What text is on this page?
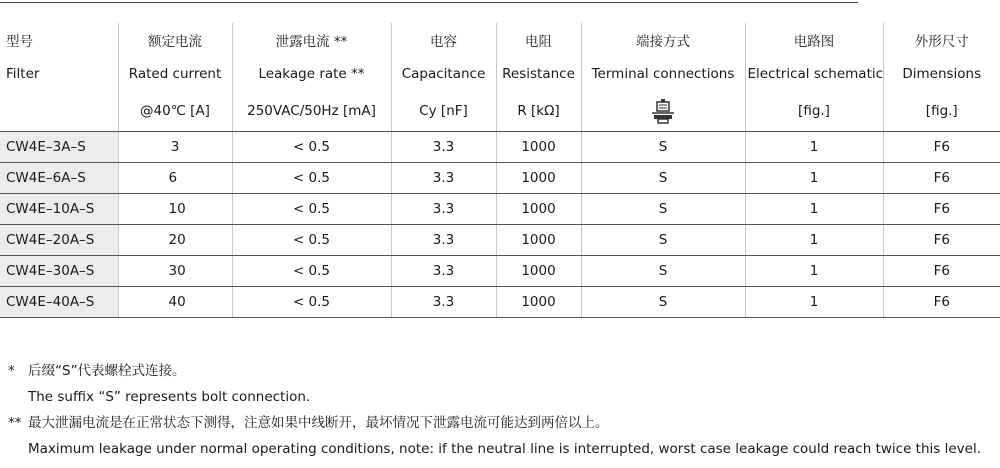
型号	额定电流	泄露电流 **	电容	电阻	端接方式	电路图	外形尺寸
Filter	Rated current	Leakage rate **	Capacitance	Resistance	Terminal connections	Electrical schematic	Dimensions
	@40℃ [A]	250VAC/50Hz [mA]	Cy [nF]	R [kΩ]		[fig.]	[fig.]
CW4E–3A–S	3	< 0.5	3.3	1000	S	1	F6
CW4E–6A–S	6	< 0.5	3.3	1000	S	1	F6
CW4E–10A–S	10	< 0.5	3.3	1000	S	1	F6
CW4E–20A–S	20	< 0.5	3.3	1000	S	1	F6
CW4E–30A–S	30	< 0.5	3.3	1000	S	1	F6
CW4E–40A–S	40	< 0.5	3.3	1000	S	1	F6
* 后缀“S”代表螺栓式连接。
The suffix “S” represents bolt connection.
** 最大泄漏电流是在正常状态下测得，注意如果中线断开，最坏情况下泄露电流可能达到两倍以上。
Maximum leakage under normal operating conditions, note: if the neutral line is interrupted, worst case leakage could reach twice this level.
